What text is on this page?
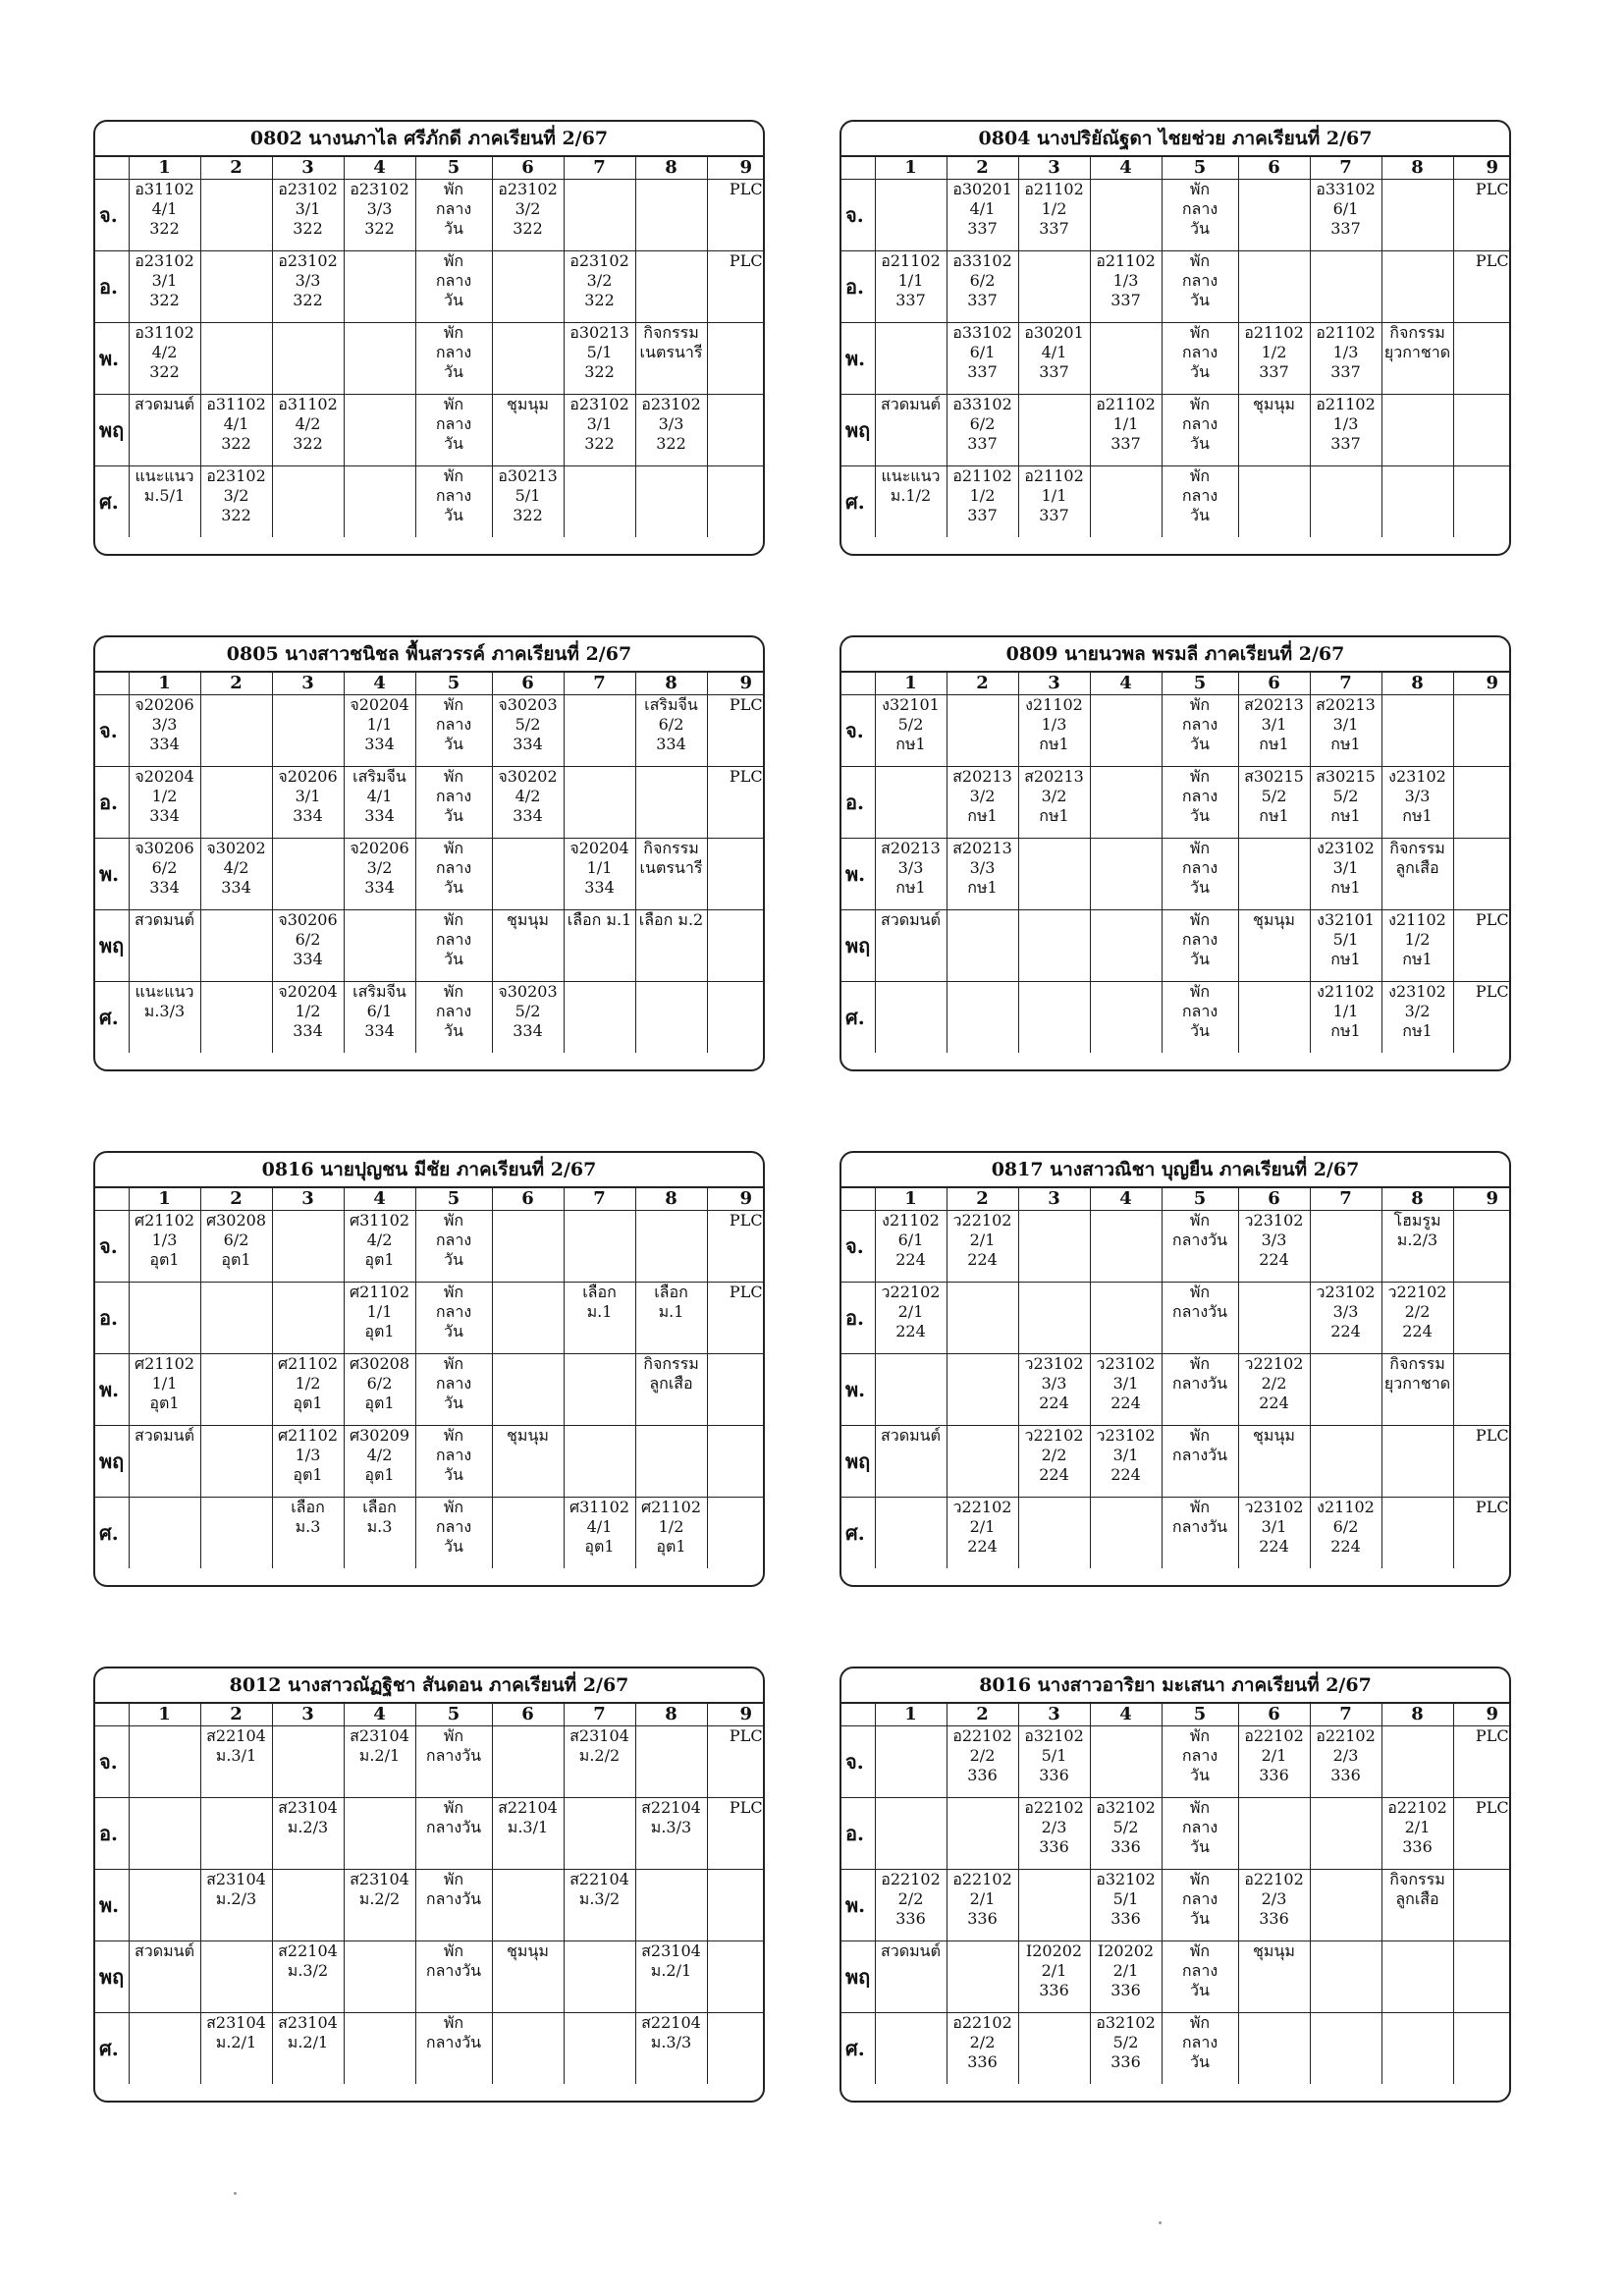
0802 นางนภาไล ศรีภักดี ภาคเรียนที่ 2/67
	1	2	3	4	5	6	7	8	9
จ.	อ31102
4/1
322		อ23102
3/1
322	อ23102
3/3
322	พัก
กลาง
วัน	อ23102
3/2
322			PLC

อ.	อ23102
3/1
322		อ23102
3/3
322		พัก
กลาง
วัน		อ23102
3/2
322		PLC

พ.	อ31102
4/2
322				พัก
กลาง
วัน		อ30213
5/1
322	กิจกรรม
เนตรนารี	

พฤ	สวดมนต์	อ31102
4/1
322	อ31102
4/2
322		พัก
กลาง
วัน	ชุมนุม	อ23102
3/1
322	อ23102
3/3
322	

ศ.	แนะแนว
ม.5/1	อ23102
3/2
322			พัก
กลาง
วัน	อ30213
5/1
322			

0804 นางปริยัณัฐดา ไชยช่วย ภาคเรียนที่ 2/67
	1	2	3	4	5	6	7	8	9
จ.		อ30201
4/1
337	อ21102
1/2
337		พัก
กลาง
วัน		อ33102
6/1
337		PLC

อ.	อ21102
1/1
337	อ33102
6/2
337		อ21102
1/3
337	พัก
กลาง
วัน				PLC

พ.		อ33102
6/1
337	อ30201
4/1
337		พัก
กลาง
วัน	อ21102
1/2
337	อ21102
1/3
337	กิจกรรม
ยุวกาชาด	

พฤ	สวดมนต์	อ33102
6/2
337		อ21102
1/1
337	พัก
กลาง
วัน	ชุมนุม	อ21102
1/3
337		

ศ.	แนะแนว
ม.1/2	อ21102
1/2
337	อ21102
1/1
337		พัก
กลาง
วัน				

0805 นางสาวชนิชล พื้นสวรรค์ ภาคเรียนที่ 2/67
	1	2	3	4	5	6	7	8	9
จ.	จ20206
3/3
334			จ20204
1/1
334	พัก
กลาง
วัน	จ30203
5/2
334		เสริมจีน
6/2
334	PLC

อ.	จ20204
1/2
334		จ20206
3/1
334	เสริมจีน
4/1
334	พัก
กลาง
วัน	จ30202
4/2
334			PLC

พ.	จ30206
6/2
334	จ30202
4/2
334		จ20206
3/2
334	พัก
กลาง
วัน		จ20204
1/1
334	กิจกรรม
เนตรนารี	

พฤ	สวดมนต์		จ30206
6/2
334		พัก
กลาง
วัน	ชุมนุม	เลือก ม.1	เลือก ม.2	

ศ.	แนะแนว
ม.3/3		จ20204
1/2
334	เสริมจีน
6/1
334	พัก
กลาง
วัน	จ30203
5/2
334			

0809 นายนวพล พรมลี ภาคเรียนที่ 2/67
	1	2	3	4	5	6	7	8	9
จ.	ง32101
5/2
กษ1		ง21102
1/3
กษ1		พัก
กลาง
วัน	ส20213
3/1
กษ1	ส20213
3/1
กษ1		

อ.		ส20213
3/2
กษ1	ส20213
3/2
กษ1		พัก
กลาง
วัน	ส30215
5/2
กษ1	ส30215
5/2
กษ1	ง23102
3/3
กษ1	

พ.	ส20213
3/3
กษ1	ส20213
3/3
กษ1			พัก
กลาง
วัน		ง23102
3/1
กษ1	กิจกรรม
ลูกเสือ	

พฤ	สวดมนต์				พัก
กลาง
วัน	ชุมนุม	ง32101
5/1
กษ1	ง21102
1/2
กษ1	PLC

ศ.					พัก
กลาง
วัน		ง21102
1/1
กษ1	ง23102
3/2
กษ1	PLC
0816 นายปุญชน มีชัย ภาคเรียนที่ 2/67
	1	2	3	4	5	6	7	8	9
จ.	ศ21102
1/3
อุต1	ศ30208
6/2
อุต1		ศ31102
4/2
อุต1	พัก
กลาง
วัน				PLC

อ.				ศ21102
1/1
อุต1	พัก
กลาง
วัน		เลือก
ม.1	เลือก
ม.1	PLC

พ.	ศ21102
1/1
อุต1		ศ21102
1/2
อุต1	ศ30208
6/2
อุต1	พัก
กลาง
วัน			กิจกรรม
ลูกเสือ	

พฤ	สวดมนต์		ศ21102
1/3
อุต1	ศ30209
4/2
อุต1	พัก
กลาง
วัน	ชุมนุม			

ศ.			เลือก
ม.3	เลือก
ม.3	พัก
กลาง
วัน		ศ31102
4/1
อุต1	ศ21102
1/2
อุต1	

0817 นางสาวณิชา บุญยืน ภาคเรียนที่ 2/67
	1	2	3	4	5	6	7	8	9
จ.	ง21102
6/1
224	ว22102
2/1
224			พัก
กลางวัน	ว23102
3/3
224		โฮมรูม
ม.2/3	

อ.	ว22102
2/1
224				พัก
กลางวัน		ว23102
3/3
224	ว22102
2/2
224	

พ.			ว23102
3/3
224	ว23102
3/1
224	พัก
กลางวัน	ว22102
2/2
224		กิจกรรม
ยุวกาชาด	

พฤ	สวดมนต์		ว22102
2/2
224	ว23102
3/1
224	พัก
กลางวัน	ชุมนุม			PLC

ศ.		ว22102
2/1
224			พัก
กลางวัน	ว23102
3/1
224	ง21102
6/2
224		PLC
8012 นางสาวณัฏฐิชา สันดอน ภาคเรียนที่ 2/67
	1	2	3	4	5	6	7	8	9
จ.		ส22104
ม.3/1		ส23104
ม.2/1	พัก
กลางวัน		ส23104
ม.2/2		PLC

อ.			ส23104
ม.2/3		พัก
กลางวัน	ส22104
ม.3/1		ส22104
ม.3/3	PLC

พ.		ส23104
ม.2/3		ส23104
ม.2/2	พัก
กลางวัน		ส22104
ม.3/2		

พฤ	สวดมนต์		ส22104
ม.3/2		พัก
กลางวัน	ชุมนุม		ส23104
ม.2/1	

ศ.		ส23104
ม.2/1	ส23104
ม.2/1		พัก
กลางวัน			ส22104
ม.3/3	

8016 นางสาวอาริยา มะเสนา ภาคเรียนที่ 2/67
	1	2	3	4	5	6	7	8	9
จ.		อ22102
2/2
336	อ32102
5/1
336		พัก
กลาง
วัน	อ22102
2/1
336	อ22102
2/3
336		PLC

อ.			อ22102
2/3
336	อ32102
5/2
336	พัก
กลาง
วัน			อ22102
2/1
336	PLC

พ.	อ22102
2/2
336	อ22102
2/1
336		อ32102
5/1
336	พัก
กลาง
วัน	อ22102
2/3
336		กิจกรรม
ลูกเสือ	

พฤ	สวดมนต์		I20202
2/1
336	I20202
2/1
336	พัก
กลาง
วัน	ชุมนุม			

ศ.		อ22102
2/2
336		อ32102
5/2
336	พัก
กลาง
วัน				
